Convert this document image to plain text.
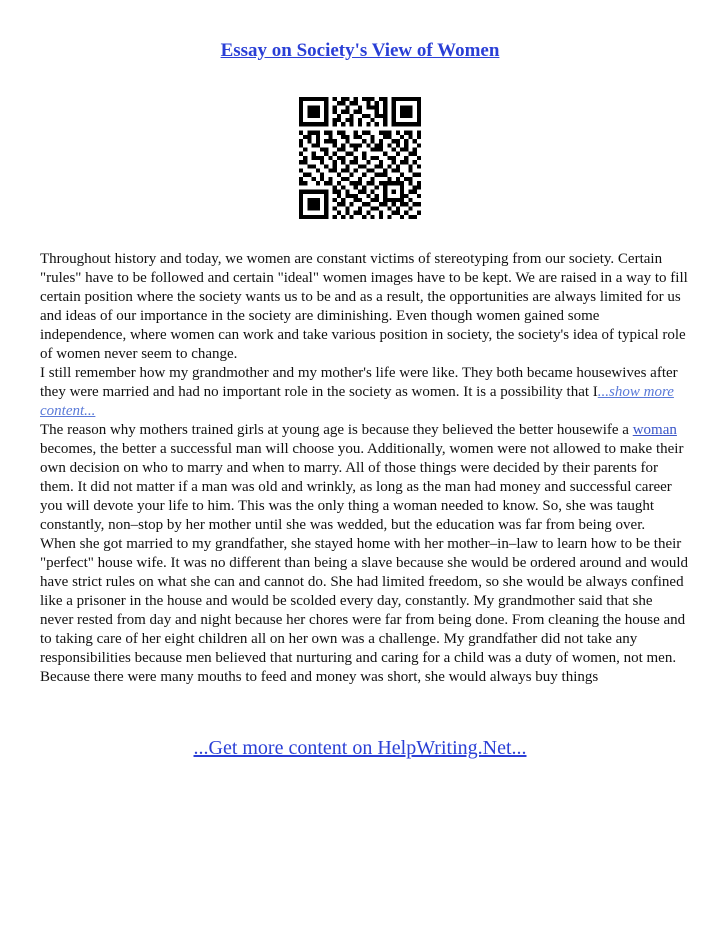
Essay on Society's View of Women

Throughout history and today, we women are constant victims of stereotyping from our society. Certain "rules" have to be followed and certain "ideal" women images have to be kept. We are raised in a way to fill certain position where the society wants us to be and as a result, the opportunities are always limited for us and ideas of our importance in the society are diminishing. Even though women gained some independence, where women can work and take various position in society, the society's idea of typical role of women never seem to change.

I still remember how my grandmother and my mother's life were like. They both became housewives after they were married and had no important role in the society as women. It is a possibility that I...show more content...

The reason why mothers trained girls at young age is because they believed the better housewife a woman becomes, the better a successful man will choose you. Additionally, women were not allowed to make their own decision on who to marry and when to marry. All of those things were decided by their parents for them. It did not matter if a man was old and wrinkly, as long as the man had money and successful career you will devote your life to him. This was the only thing a woman needed to know. So, she was taught constantly, non–stop by her mother until she was wedded, but the education was far from being over.

When she got married to my grandfather, she stayed home with her mother–in–law to learn how to be their "perfect" house wife. It was no different than being a slave because she would be ordered around and would have strict rules on what she can and cannot do. She had limited freedom, so she would be always confined like a prisoner in the house and would be scolded every day, constantly. My grandmother said that she never rested from day and night because her chores were far from being done. From cleaning the house and to taking care of her eight children all on her own was a challenge. My grandfather did not take any responsibilities because men believed that nurturing and caring for a child was a duty of women, not men. Because there were many mouths to feed and money was short, she would always buy things

...Get more content on HelpWriting.Net...
